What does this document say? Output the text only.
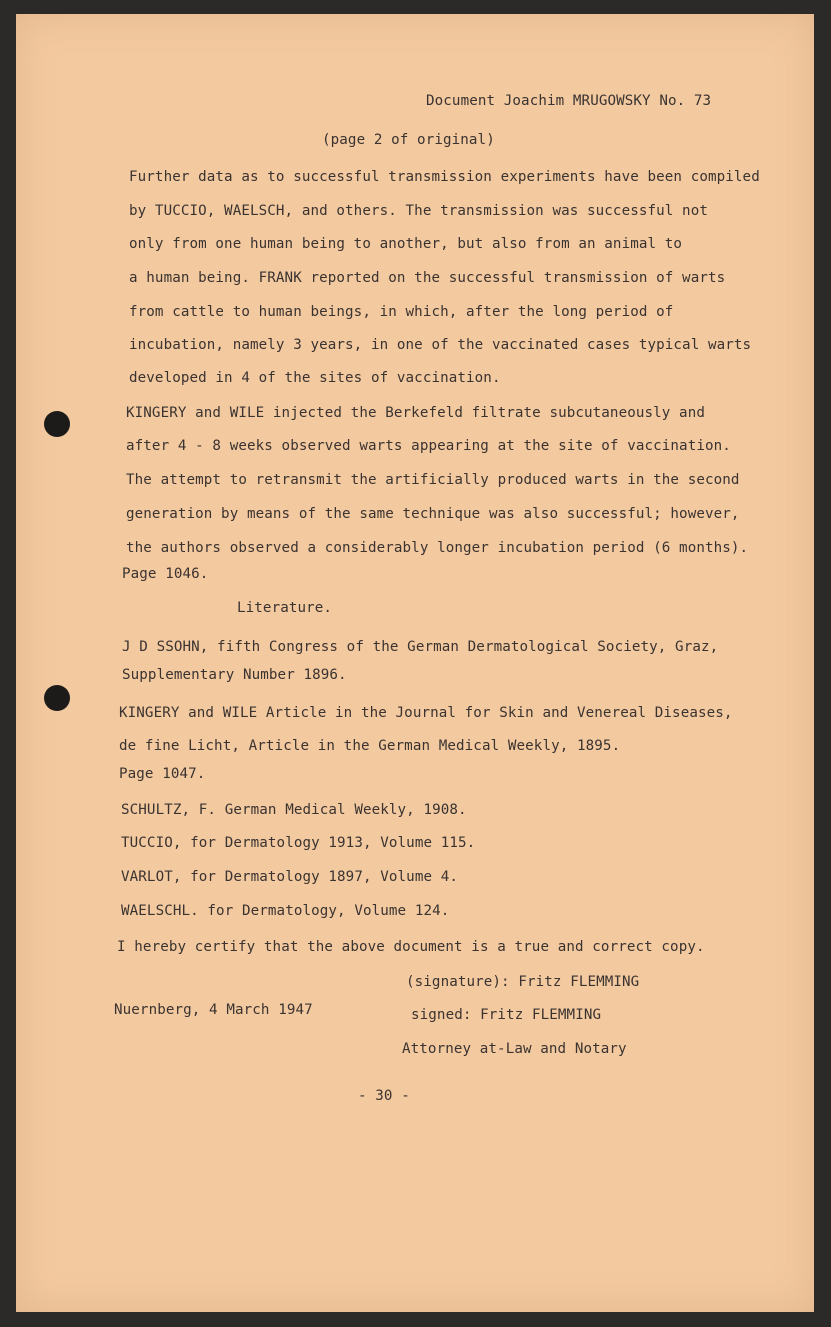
Document Joachim MRUGOWSKY No. 73
(page 2 of original)
Further data as to successful transmission experiments have been compiled
by TUCCIO, WAELSCH, and others. The transmission was successful not
only from one human being to another, but also from an animal to
a human being. FRANK reported on the successful transmission of warts
from cattle to human beings, in which, after the long period of
incubation, namely 3 years, in one of the vaccinated cases typical warts
developed in 4 of the sites of vaccination.
KINGERY and WILE injected the Berkefeld filtrate subcutaneously and
after 4 - 8 weeks observed warts appearing at the site of vaccination.
The attempt to retransmit the artificially produced warts in the second
generation by means of the same technique was also successful; however,
the authors observed a considerably longer incubation period (6 months).
Page 1046.
Literature.
J D SSOHN, fifth Congress of the German Dermatological Society, Graz,
Supplementary Number 1896.
KINGERY and WILE Article in the Journal for Skin and Venereal Diseases,
de fine Licht, Article in the German Medical Weekly, 1895.
Page 1047.
SCHULTZ, F. German Medical Weekly, 1908.
TUCCIO, for Dermatology 1913, Volume 115.
VARLOT, for Dermatology 1897, Volume 4.
WAELSCHL. for Dermatology, Volume 124.
I hereby certify that the above document is a true and correct copy.
(signature): Fritz FLEMMING
Nuernberg, 4 March 1947	signed: Fritz FLEMMING
Attorney at-Law and Notary
- 30 -
